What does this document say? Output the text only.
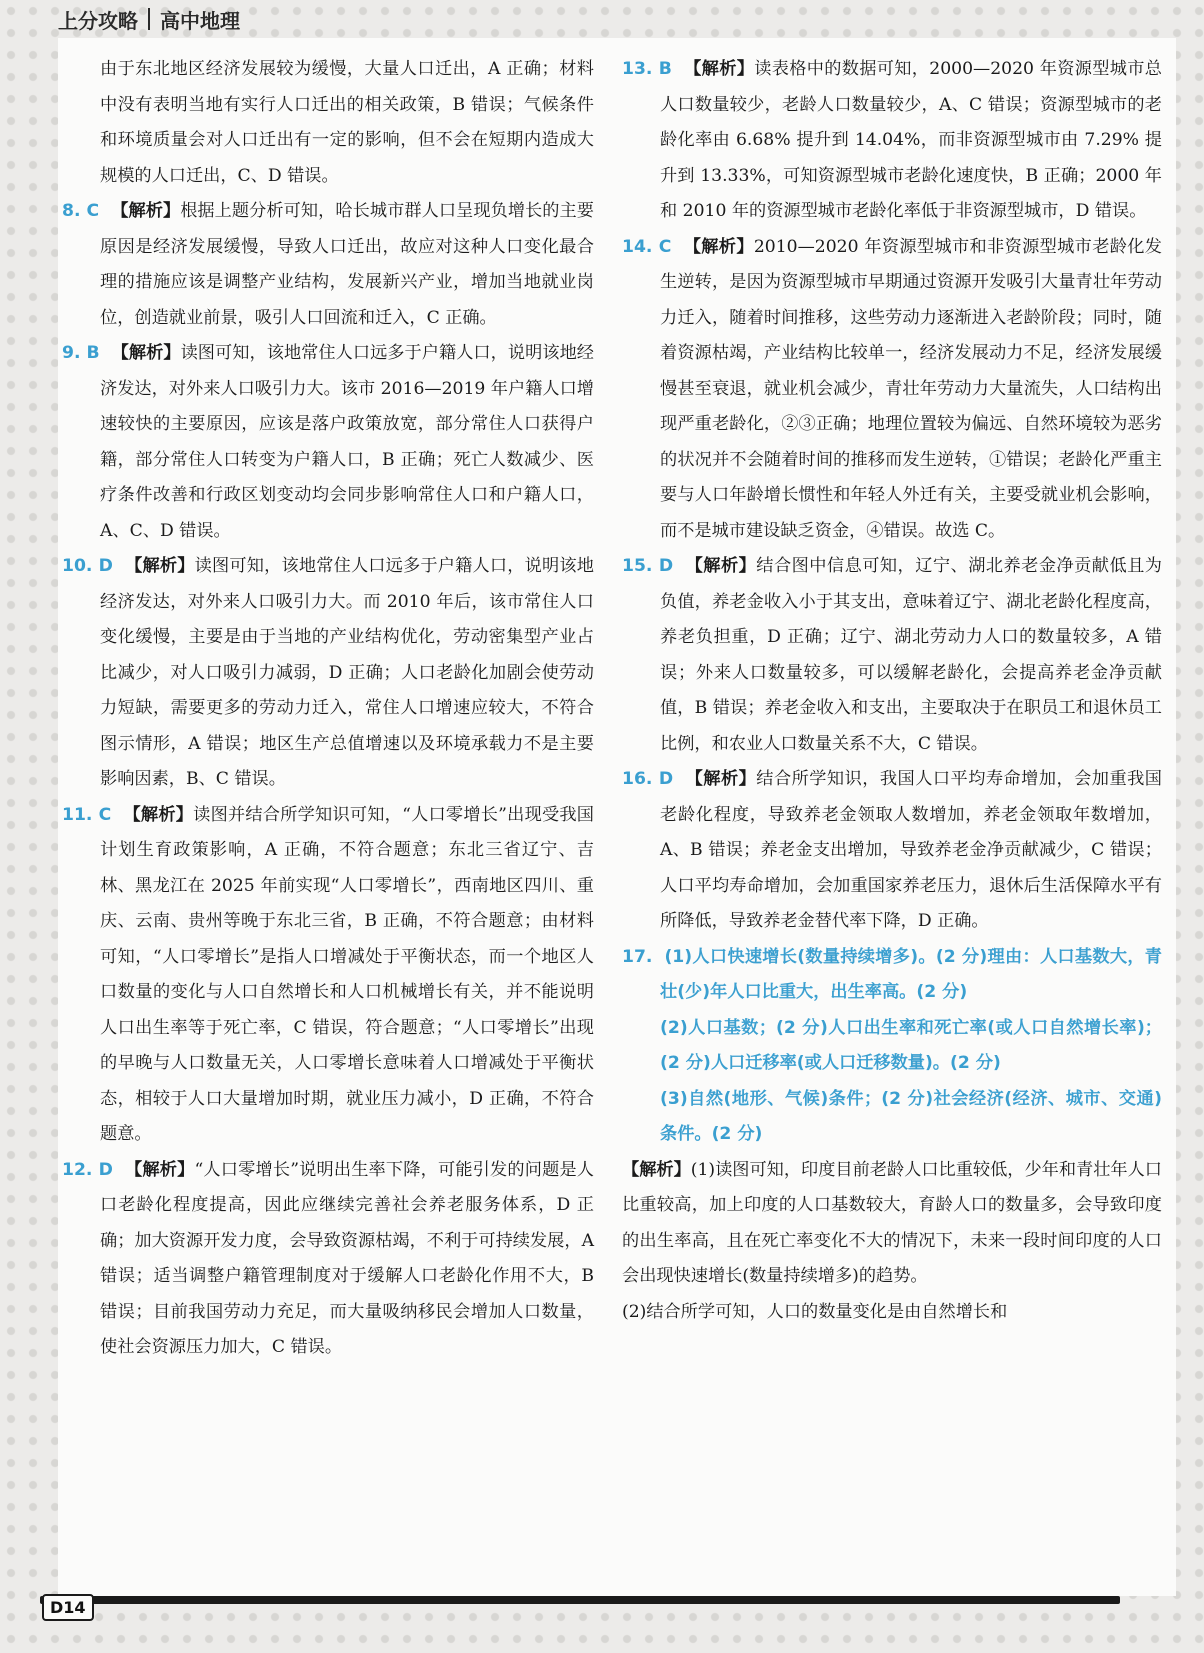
上分攻略 高中地理

由于东北地区经济发展较为缓慢，大量人口迁出，A 正确；材料中没有表明当地有实行人口迁出的相关政策，B 错误；气候条件和环境质量会对人口迁出有一定的影响，但不会在短期内造成大规模的人口迁出，C、D 错误。

8. C 【解析】根据上题分析可知，哈长城市群人口呈现负增长的主要原因是经济发展缓慢，导致人口迁出，故应对这种人口变化最合理的措施应该是调整产业结构，发展新兴产业，增加当地就业岗位，创造就业前景，吸引人口回流和迁入，C 正确。

9. B 【解析】读图可知，该地常住人口远多于户籍人口，说明该地经济发达，对外来人口吸引力大。该市 2016—2019 年户籍人口增速较快的主要原因，应该是落户政策放宽，部分常住人口获得户籍，部分常住人口转变为户籍人口，B 正确；死亡人数减少、医疗条件改善和行政区划变动均会同步影响常住人口和户籍人口，A、C、D 错误。

10. D 【解析】读图可知，该地常住人口远多于户籍人口，说明该地经济发达，对外来人口吸引力大。而 2010 年后，该市常住人口变化缓慢，主要是由于当地的产业结构优化，劳动密集型产业占比减少，对人口吸引力减弱，D 正确；人口老龄化加剧会使劳动力短缺，需要更多的劳动力迁入，常住人口增速应较大，不符合图示情形，A 错误；地区生产总值增速以及环境承载力不是主要影响因素，B、C 错误。

11. C 【解析】读图并结合所学知识可知，“人口零增长”出现受我国计划生育政策影响，A 正确，不符合题意；东北三省辽宁、吉林、黑龙江在 2025 年前实现“人口零增长”，西南地区四川、重庆、云南、贵州等晚于东北三省，B 正确，不符合题意；由材料可知，“人口零增长”是指人口增减处于平衡状态，而一个地区人口数量的变化与人口自然增长和人口机械增长有关，并不能说明人口出生率等于死亡率，C 错误，符合题意；“人口零增长”出现的早晚与人口数量无关，人口零增长意味着人口增减处于平衡状态，相较于人口大量增加时期，就业压力减小，D 正确，不符合题意。

12. D 【解析】“人口零增长”说明出生率下降，可能引发的问题是人口老龄化程度提高，因此应继续完善社会养老服务体系，D 正确；加大资源开发力度，会导致资源枯竭，不利于可持续发展，A 错误；适当调整户籍管理制度对于缓解人口老龄化作用不大，B 错误；目前我国劳动力充足，而大量吸纳移民会增加人口数量，使社会资源压力加大，C 错误。

13. B 【解析】读表格中的数据可知，2000—2020 年资源型城市总人口数量较少，老龄人口数量较少，A、C 错误；资源型城市的老龄化率由 6.68% 提升到 14.04%，而非资源型城市由 7.29% 提升到 13.33%，可知资源型城市老龄化速度快，B 正确；2000 年和 2010 年的资源型城市老龄化率低于非资源型城市，D 错误。

14. C 【解析】2010—2020 年资源型城市和非资源型城市老龄化发生逆转，是因为资源型城市早期通过资源开发吸引大量青壮年劳动力迁入，随着时间推移，这些劳动力逐渐进入老龄阶段；同时，随着资源枯竭，产业结构比较单一，经济发展动力不足，经济发展缓慢甚至衰退，就业机会减少，青壮年劳动力大量流失，人口结构出现严重老龄化，②③正确；地理位置较为偏远、自然环境较为恶劣的状况并不会随着时间的推移而发生逆转，①错误；老龄化严重主要与人口年龄增长惯性和年轻人外迁有关，主要受就业机会影响，而不是城市建设缺乏资金，④错误。故选 C。

15. D 【解析】结合图中信息可知，辽宁、湖北养老金净贡献低且为负值，养老金收入小于其支出，意味着辽宁、湖北老龄化程度高，养老负担重，D 正确；辽宁、湖北劳动力人口的数量较多，A 错误；外来人口数量较多，可以缓解老龄化，会提高养老金净贡献值，B 错误；养老金收入和支出，主要取决于在职员工和退休员工比例，和农业人口数量关系不大，C 错误。

16. D 【解析】结合所学知识，我国人口平均寿命增加，会加重我国老龄化程度，导致养老金领取人数增加，养老金领取年数增加，A、B 错误；养老金支出增加，导致养老金净贡献减少，C 错误；人口平均寿命增加，会加重国家养老压力，退休后生活保障水平有所降低，导致养老金替代率下降，D 正确。

17. (1)人口快速增长(数量持续增多)。(2 分)理由：人口基数大，青壮(少)年人口比重大，出生率高。(2 分)

(2)人口基数；(2 分)人口出生率和死亡率(或人口自然增长率)；(2 分)人口迁移率(或人口迁移数量)。(2 分)

(3)自然(地形、气候)条件；(2 分)社会经济(经济、城市、交通)条件。(2 分)

【解析】(1)读图可知，印度目前老龄人口比重较低，少年和青壮年人口比重较高，加上印度的人口基数较大，育龄人口的数量多，会导致印度的出生率高，且在死亡率变化不大的情况下，未来一段时间印度的人口会出现快速增长(数量持续增多)的趋势。

(2)结合所学可知，人口的数量变化是由自然增长和

D14
